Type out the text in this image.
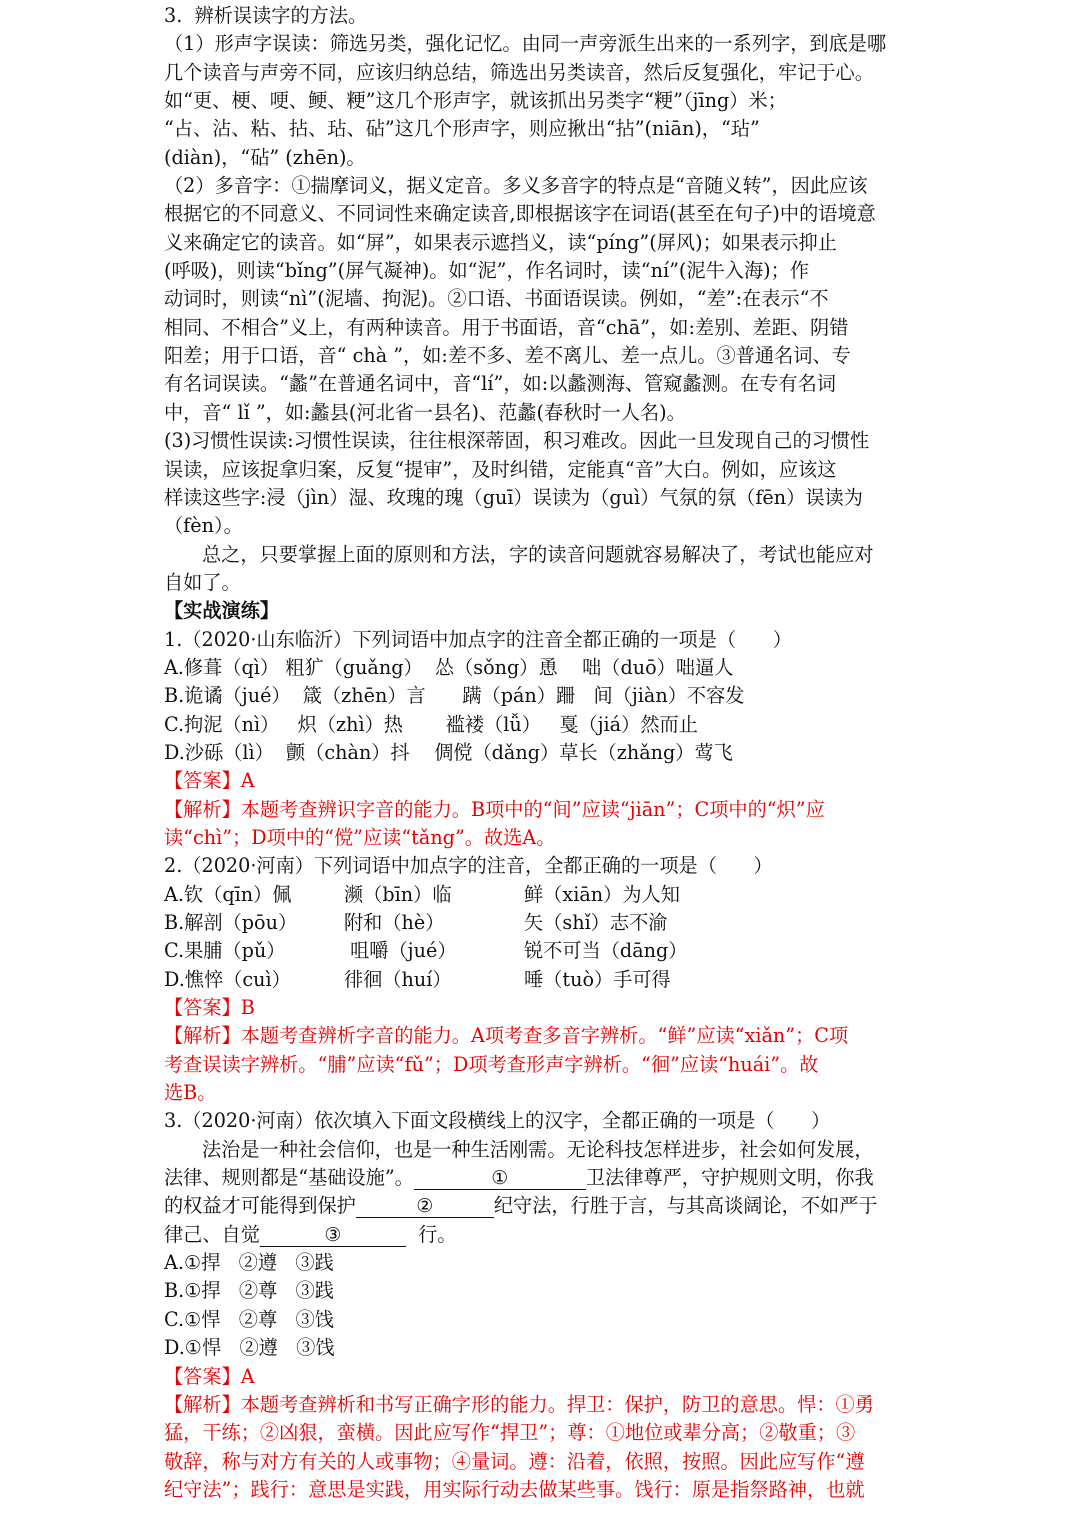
3.  辨析误读字的方法。
（1）形声字误读：筛选另类，强化记忆。由同一声旁派生出来的一系列字，到底是哪
几个读音与声旁不同，应该归纳总结，筛选出另类读音，然后反复强化，牢记于心。
如“更、梗、哽、鲠、粳”这几个形声字，就该抓出另类字“粳”（jīng）米；
“占、沾、粘、拈、玷、砧”这几个形声字，则应揪出“拈”(niān)，“玷”
(diàn)，“砧” (zhēn)。
（2）多音字：①揣摩词义，据义定音。多义多音字的特点是“音随义转”，因此应该
根据它的不同意义、不同词性来确定读音,即根据该字在词语(甚至在句子)中的语境意
义来确定它的读音。如“屏”，如果表示遮挡义，读“píng”(屏风)；如果表示抑止
(呼吸)，则读“bǐng”(屏气凝神)。如“泥”，作名词时，读“ní”(泥牛入海)；作
动词时，则读“nì”(泥墙、拘泥)。②口语、书面语误读。例如，“差”:在表示“不
相同、不相合”义上，有两种读音。用于书面语，音“chā”，如:差别、差距、阴错
阳差；用于口语，音“ chà ”，如:差不多、差不离儿、差一点儿。③普通名词、专
有名词误读。“蠡”在普通名词中，音“lí”，如:以蠡测海、管窥蠡测。在专有名词
中，音“ lǐ ”，如:蠡县(河北省一县名)、范蠡(春秋时一人名)。
(3)习惯性误读:习惯性误读，往往根深蒂固，积习难改。因此一旦发现自己的习惯性
误读，应该捉拿归案，反复“提审”，及时纠错，定能真“音”大白。例如，应该这
样读这些字:浸（jìn）湿、玫瑰的瑰（guī）误读为（guì）气氛的氛（fēn）误读为
（fèn）。
总之，只要掌握上面的原则和方法，字的读音问题就容易解决了，考试也能应对
自如了。
【实战演练】
1.（2020·山东临沂）下列词语中加点字的注音全都正确的一项是（      ）
A.修葺（qì） 粗犷（guǎng）  怂（sǒng）恿    咄（duō）咄逼人
B.诡谲（jué）  箴（zhēn）言      蹒（pán）跚   间（jiàn）不容发
C.拘泥（nì）   炽（zhì）热       褴褛（lǚ）   戛（jiá）然而止
D.沙砾（lì）  颤（chàn）抖    倜傥（dǎng）草长（zhǎng）莺飞
【答案】A
【解析】本题考查辨识字音的能力。B项中的“间”应读“jiān”；C项中的“炽”应
读“chì”；D项中的“傥”应读“tǎng”。故选A。
2.（2020·河南）下列词语中加点字的注音，全都正确的一项是（      ）
A.钦（qīn）佩	濒（bīn）临	鲜（xiān）为人知
B.解剖（pōu） 附和（hè）	矢（shǐ）志不渝
C.果脯（pǔ）	咀嚼（jué）	锐不可当（dāng）
D.憔悴（cuì）	徘徊（huí）	唾（tuò）手可得
【答案】B
【解析】本题考查辨析字音的能力。A项考查多音字辨析。“鲜”应读“xiǎn”；C项
考查误读字辨析。“脯”应读“fǔ”；D项考查形声字辨析。“徊”应读“huái”。故
选B。
3.（2020·河南）依次填入下面文段横线上的汉字，全都正确的一项是（      ）
法治是一种社会信仰，也是一种生活刚需。无论科技怎样进步，社会如何发展，
法律、规则都是“基础设施”。	①	卫法律尊严，守护规则文明，你我
的权益才可能得到保护	②	纪守法，行胜于言，与其高谈阔论，不如严于
律己、自觉	③	行。
A.①捍   ②遵   ③践
B.①捍   ②尊   ③践
C.①悍   ②尊   ③饯
D.①悍   ②遵   ③饯
【答案】A
【解析】本题考查辨析和书写正确字形的能力。捍卫：保护，防卫的意思。悍：①勇
猛，干练；②凶狠，蛮横。因此应写作“捍卫”；尊：①地位或辈分高；②敬重；③
敬辞，称与对方有关的人或事物；④量词。遵：沿着，依照，按照。因此应写作“遵
纪守法”；践行：意思是实践，用实际行动去做某些事。饯行：原是指祭路神，也就
